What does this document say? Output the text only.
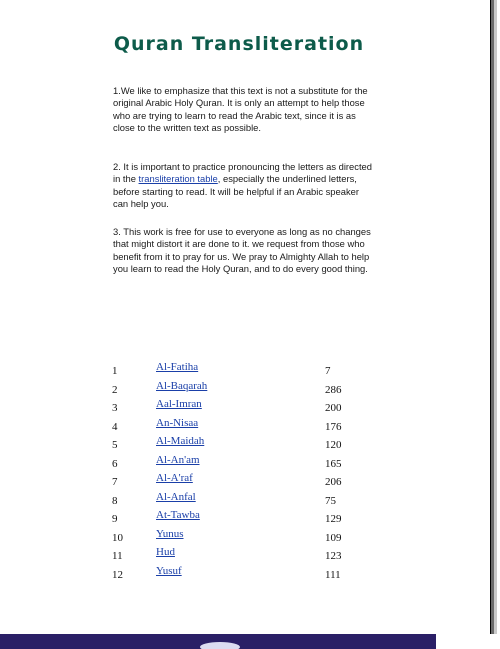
Quran Transliteration

1.We like to emphasize that this text is not a substitute for the original Arabic Holy Quran. It is only an attempt to help those who are trying to learn to read the Arabic text, since it is as close to the written text as possible.

2. It is important to practice pronouncing the letters as directed in the transliteration table, especially the underlined letters, before starting to read. It will be helpful if an Arabic speaker can help you.

3. This work is free for use to everyone as long as no changes that might distort it are done to it. we request from those who benefit from it to pray for us. We pray to Almighty Allah to help you learn to read the Holy Quran, and to do every good thing.

1	Al-Fatiha	7
2	Al-Baqarah	286
3	Aal-Imran	200
4	An-Nisaa	176
5	Al-Maidah	120
6	Al-An'am	165
7	Al-A'raf	206
8	Al-Anfal	75
9	At-Tawba	129
10	Yunus	109
11	Hud	123
12	Yusuf	111
